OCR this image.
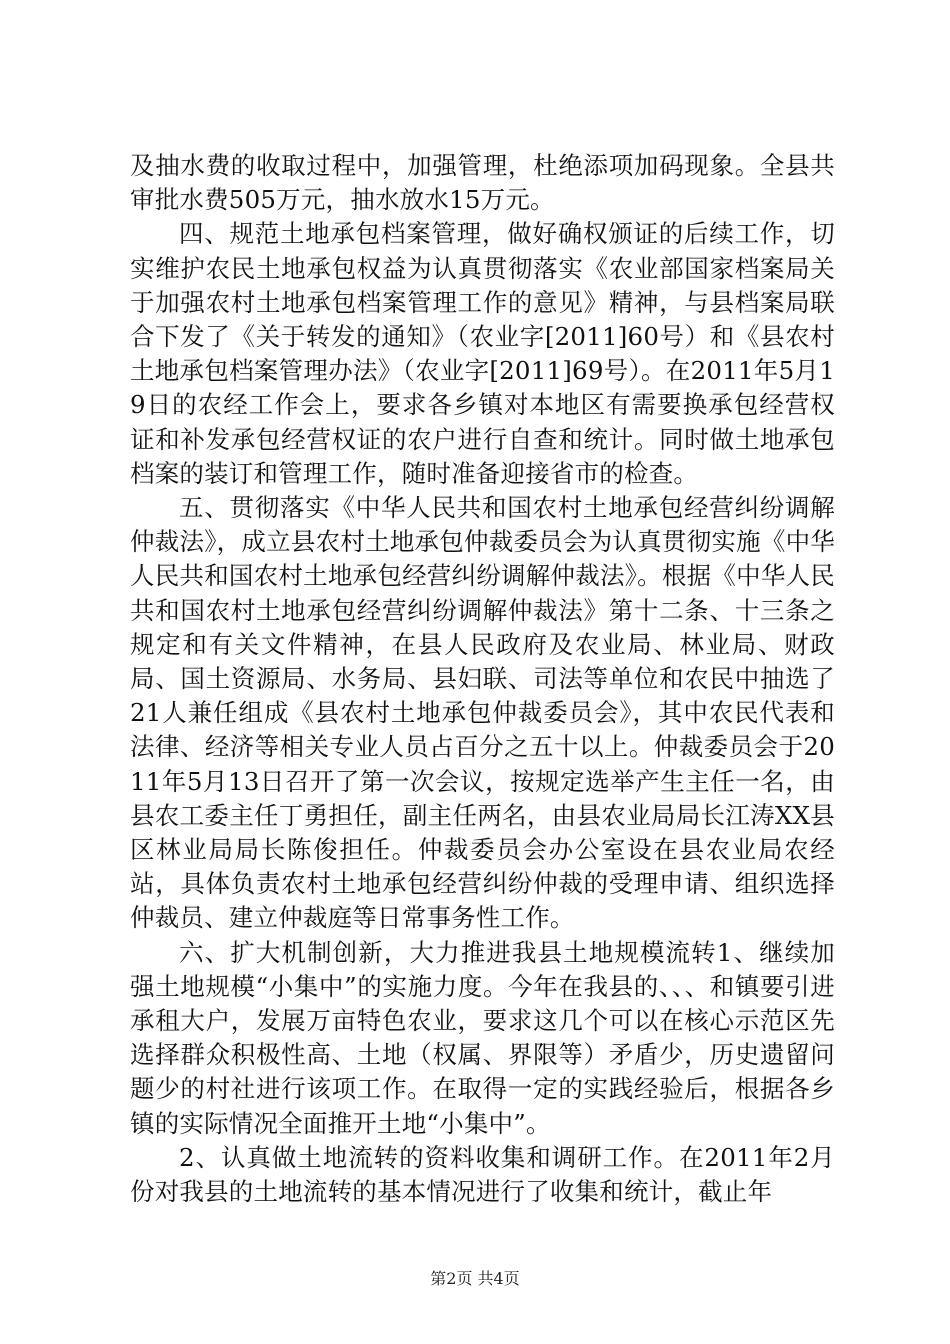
及抽水费的收取过程中，加强管理，杜绝添项加码现象。全县共审批水费505万元，抽水放水15万元。

四、规范土地承包档案管理，做好确权颁证的后续工作，切实维护农民土地承包权益为认真贯彻落实《农业部国家档案局关于加强农村土地承包档案管理工作的意见》精神，与县档案局联合下发了《关于转发的通知》（农业字[2011]60号）和《县农村土地承包档案管理办法》（农业字[2011]69号）。在2011年5月19日的农经工作会上，要求各乡镇对本地区有需要换承包经营权证和补发承包经营权证的农户进行自查和统计。同时做土地承包档案的装订和管理工作，随时准备迎接省市的检查。

五、贯彻落实《中华人民共和国农村土地承包经营纠纷调解仲裁法》，成立县农村土地承包仲裁委员会为认真贯彻实施《中华人民共和国农村土地承包经营纠纷调解仲裁法》。根据《中华人民共和国农村土地承包经营纠纷调解仲裁法》第十二条、十三条之规定和有关文件精神，在县人民政府及农业局、林业局、财政局、国土资源局、水务局、县妇联、司法等单位和农民中抽选了21人兼任组成《县农村土地承包仲裁委员会》，其中农民代表和法律、经济等相关专业人员占百分之五十以上。仲裁委员会于2011年5月13日召开了第一次会议，按规定选举产生主任一名，由县农工委主任丁勇担任，副主任两名，由县农业局局长江涛XX县区林业局局长陈俊担任。仲裁委员会办公室设在县农业局农经站，具体负责农村土地承包经营纠纷仲裁的受理申请、组织选择仲裁员、建立仲裁庭等日常事务性工作。

六、扩大机制创新，大力推进我县土地规模流转1、继续加强土地规模“小集中”的实施力度。今年在我县的、、、和镇要引进承租大户，发展万亩特色农业，要求这几个可以在核心示范区先选择群众积极性高、土地（权属、界限等）矛盾少，历史遗留问题少的村社进行该项工作。在取得一定的实践经验后，根据各乡镇的实际情况全面推开土地“小集中”。

2、认真做土地流转的资料收集和调研工作。在2011年2月份对我县的土地流转的基本情况进行了收集和统计，截止年

第2页 共4页
